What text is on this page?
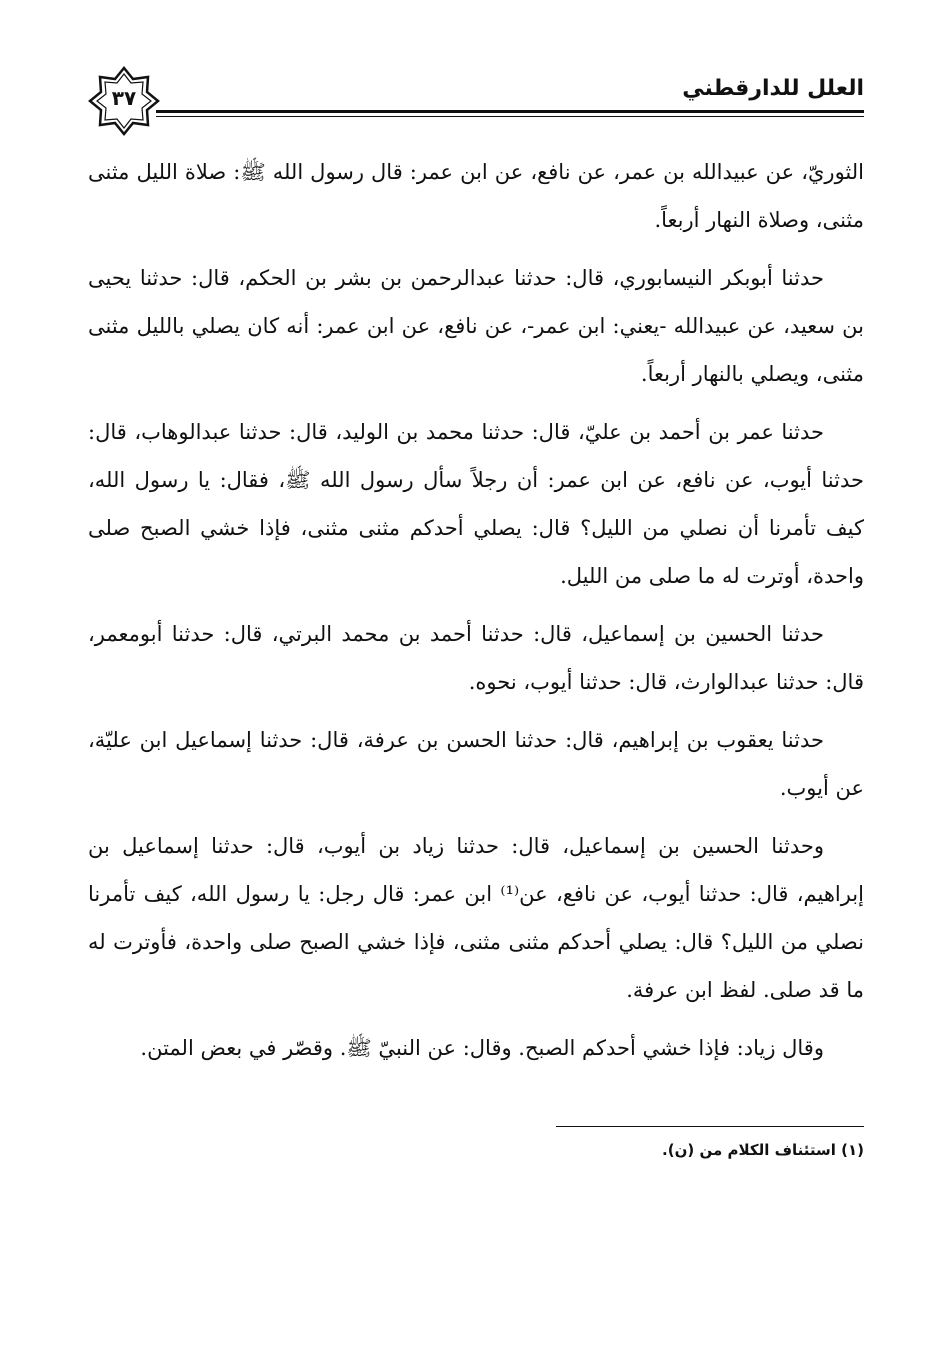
العلل للدارقطني
٣٧

الثوريّ، عن عبيدالله بن عمر، عن نافع، عن ابن عمر: قال رسول الله ﷺ: صلاة الليل مثنى مثنى، وصلاة النهار أربعاً.

حدثنا أبوبكر النيسابوري، قال: حدثنا عبدالرحمن بن بشر بن الحكم، قال: حدثنا يحيى بن سعيد، عن عبيدالله -يعني: ابن عمر-، عن نافع، عن ابن عمر: أنه كان يصلي بالليل مثنى مثنى، ويصلي بالنهار أربعاً.

حدثنا عمر بن أحمد بن عليّ، قال: حدثنا محمد بن الوليد، قال: حدثنا عبدالوهاب، قال: حدثنا أيوب، عن نافع، عن ابن عمر: أن رجلاً سأل رسول الله ﷺ، فقال: يا رسول الله، كيف تأمرنا أن نصلي من الليل؟ قال: يصلي أحدكم مثنى مثنى، فإذا خشي الصبح صلى واحدة، أوترت له ما صلى من الليل.

حدثنا الحسين بن إسماعيل، قال: حدثنا أحمد بن محمد البرتي، قال: حدثنا أبومعمر، قال: حدثنا عبدالوارث، قال: حدثنا أيوب، نحوه.

حدثنا يعقوب بن إبراهيم، قال: حدثنا الحسن بن عرفة، قال: حدثنا إسماعيل ابن عليّة، عن أيوب.

وحدثنا الحسين بن إسماعيل، قال: حدثنا زياد بن أيوب، قال: حدثنا إسماعيل بن إبراهيم، قال: حدثنا أيوب، عن نافع، عن⁽¹⁾ ابن عمر: قال رجل: يا رسول الله، كيف تأمرنا نصلي من الليل؟ قال: يصلي أحدكم مثنى مثنى، فإذا خشي الصبح صلى واحدة، فأوترت له ما قد صلى. لفظ ابن عرفة.

وقال زياد: فإذا خشي أحدكم الصبح. وقال: عن النبيّ ﷺ. وقصّر في بعض المتن.

(١) استئناف الكلام من (ن).
